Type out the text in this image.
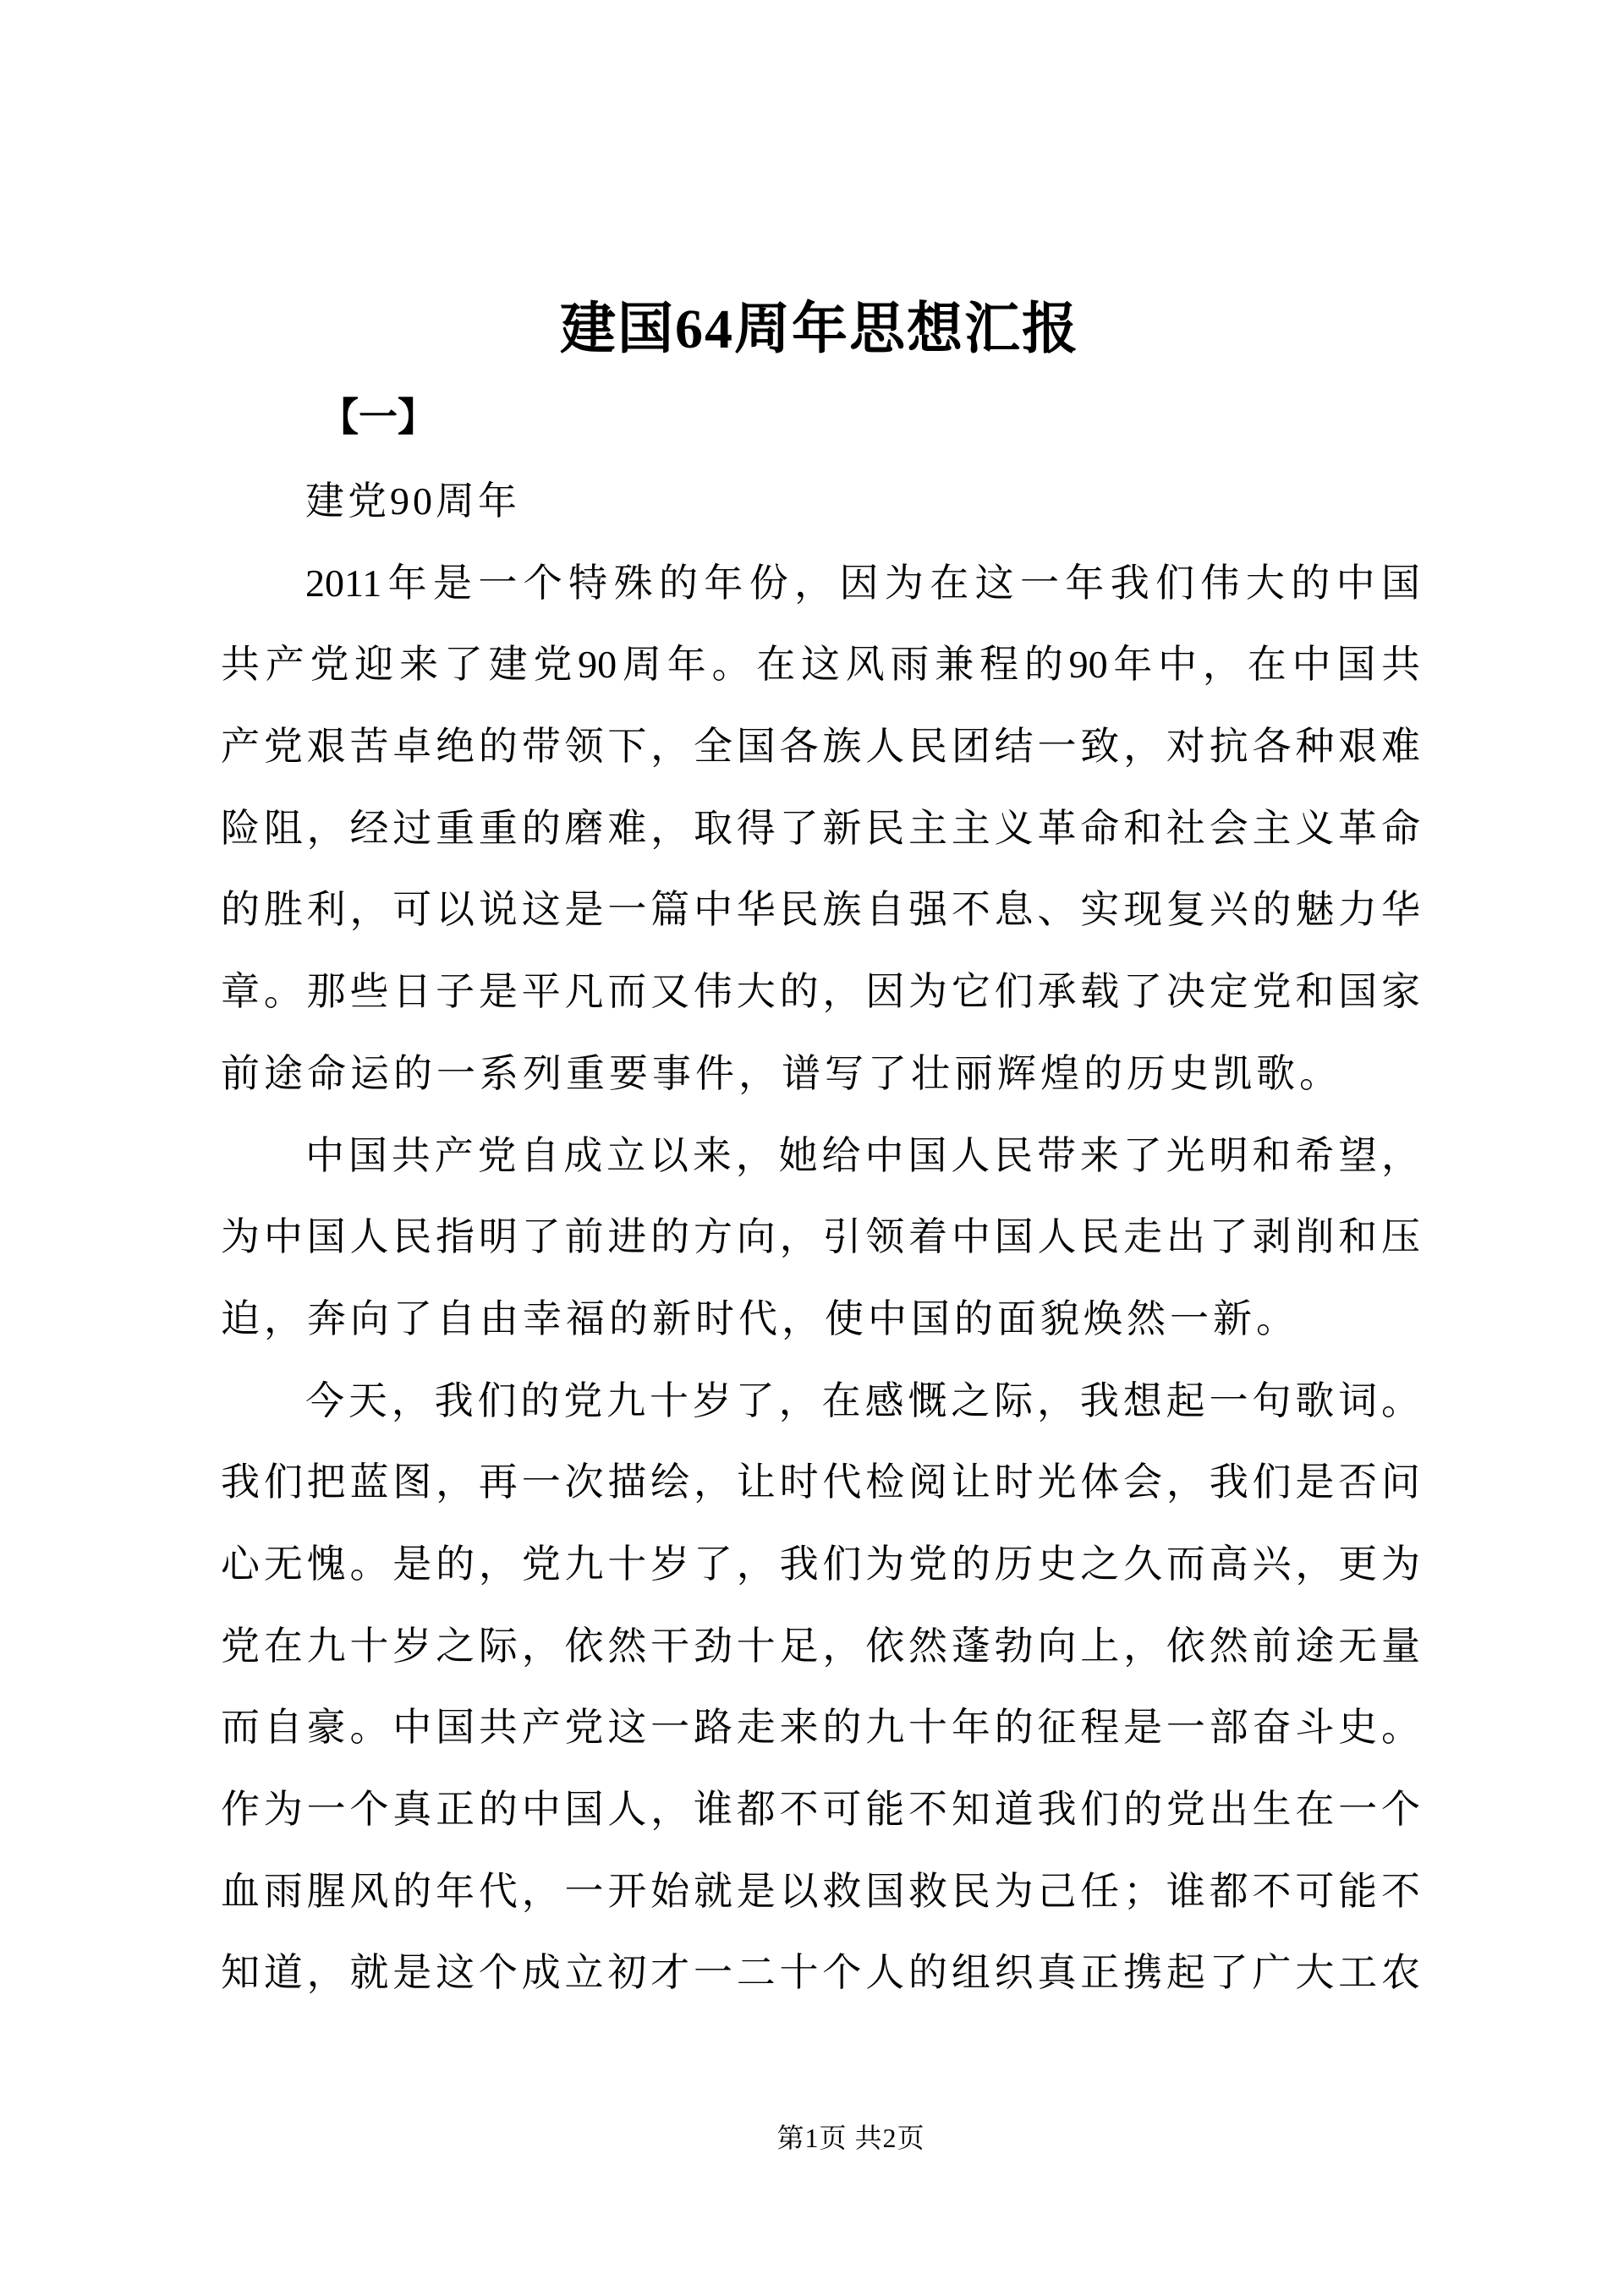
建国64周年思想汇报
【一】
建党90周年
2011年是一个特殊的年份，因为在这一年我们伟大的中国
共产党迎来了建党90周年。在这风雨兼程的90年中，在中国共
产党艰苦卓绝的带领下，全国各族人民团结一致，对抗各种艰难
险阻，经过重重的磨难，取得了新民主主义革命和社会主义革命
的胜利，可以说这是一篇中华民族自强不息、实现复兴的魅力华
章。那些日子是平凡而又伟大的，因为它们承载了决定党和国家
前途命运的一系列重要事件，谱写了壮丽辉煌的历史凯歌。
中国共产党自成立以来，她给中国人民带来了光明和希望，
为中国人民指明了前进的方向，引领着中国人民走出了剥削和压
迫，奔向了自由幸福的新时代，使中国的面貌焕然一新。
今天，我们的党九十岁了，在感慨之际，我想起一句歌词。
我们把蓝图，再一次描绘，让时代检阅让时光体会，我们是否问
心无愧。是的，党九十岁了，我们为党的历史之久而高兴，更为
党在九十岁之际，依然干劲十足，依然蓬勃向上，依然前途无量
而自豪。中国共产党这一路走来的九十年的征程是一部奋斗史。
作为一个真正的中国人，谁都不可能不知道我们的党出生在一个
血雨腥风的年代，一开始就是以救国救民为己任；谁都不可能不
知道，就是这个成立初才一二十个人的组织真正携起了广大工农
第1页 共2页
